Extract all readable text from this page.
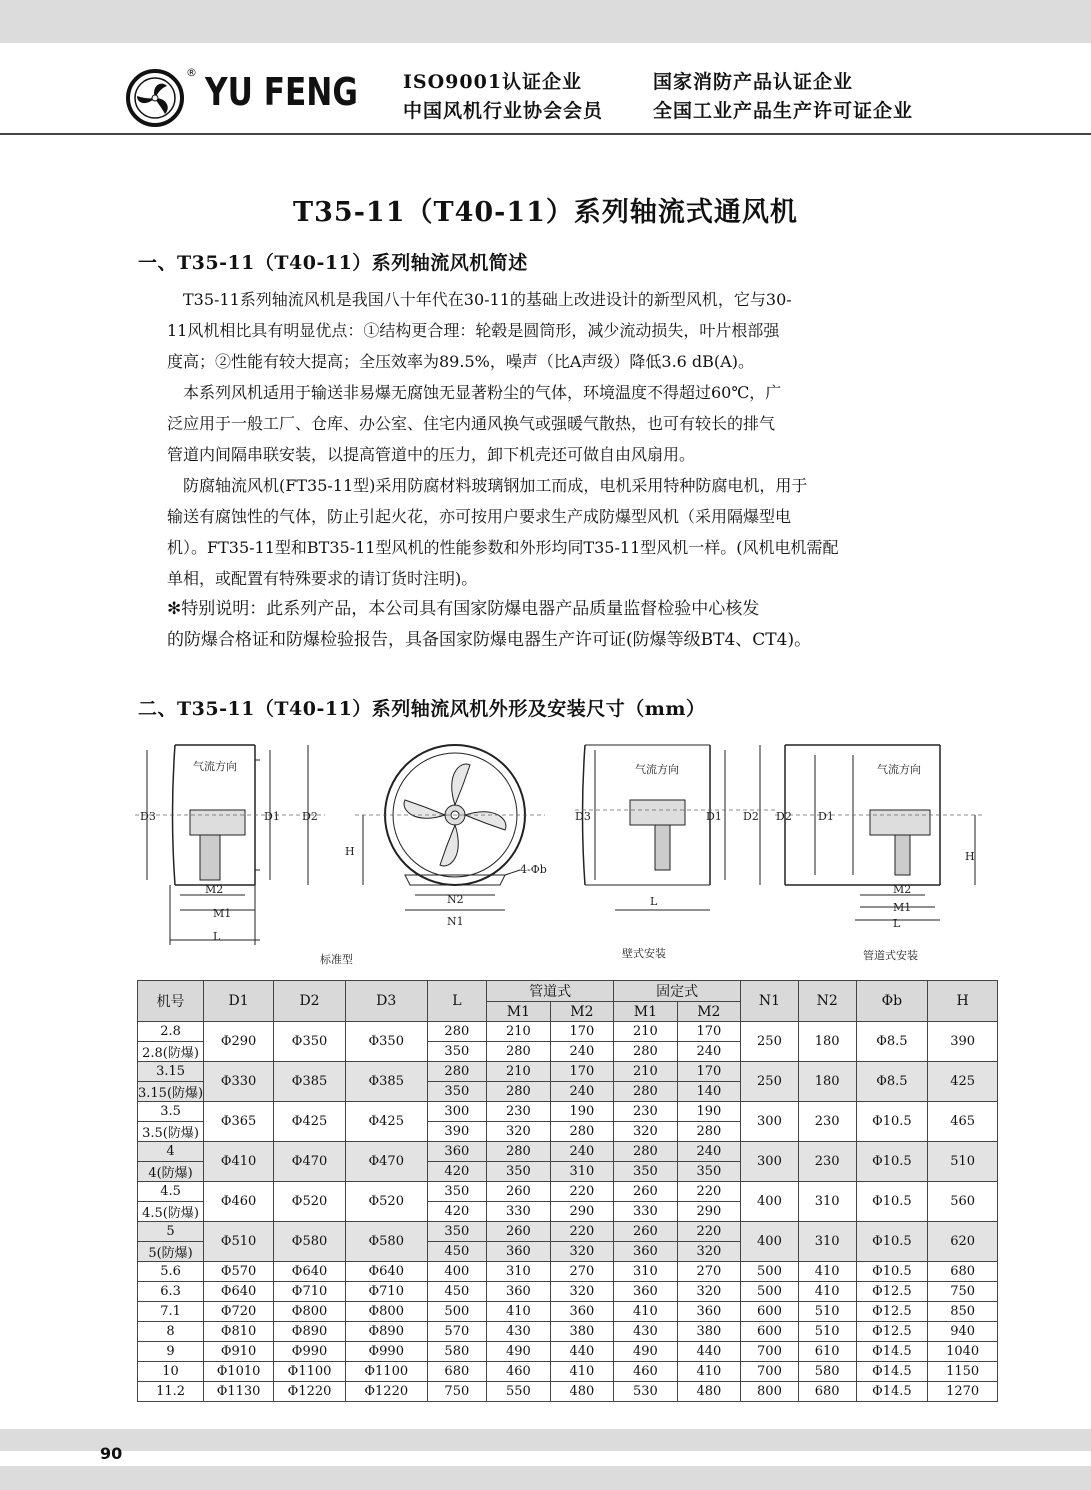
® YU FENG ISO9001认证企业	国家消防产品认证企业
中国风机行业协会会员	全国工业产品生产许可证企业
T35-11（T40-11）系列轴流式通风机
一、T35-11（T40-11）系列轴流风机简述

　T35-11系列轴流风机是我国八十年代在30-11的基础上改进设计的新型风机，它与30-

11风机相比具有明显优点：①结构更合理：轮毂是圆筒形，减少流动损失，叶片根部强

度高；②性能有较大提高；全压效率为89.5%，噪声（比A声级）降低3.6 dB(A)。

　本系列风机适用于输送非易爆无腐蚀无显著粉尘的气体，环境温度不得超过60℃，广

泛应用于一般工厂、仓库、办公室、住宅内通风换气或强暖气散热，也可有较长的排气

管道内间隔串联安装，以提高管道中的压力，卸下机壳还可做自由风扇用。

　防腐轴流风机(FT35-11型)采用防腐材料玻璃钢加工而成，电机采用特种防腐电机，用于

输送有腐蚀性的气体，防止引起火花，亦可按用户要求生产成防爆型风机（采用隔爆型电

机）。FT35-11型和BT35-11型风机的性能参数和外形均同T35-11型风机一样。(风机电机需配

单相，或配置有特殊要求的请订货时注明)。

✻特别说明：此系列产品，本公司具有国家防爆电器产品质量监督检验中心核发

的防爆合格证和防爆检验报告，具备国家防爆电器生产许可证(防爆等级BT4、CT4)。

二、T35-11（T40-11）系列轴流风机外形及安装尺寸（mm）
气流方向	气流方向	气流方向
D3	D1 D2
M2
M1
L
H
4-Φb
N2
N1
D3	D1 D2
L
D2 D1
H
M2
M1
L
标准型	壁式安装	管道式安装
机号	D1	D2	D3	L	管道式		固定式		N1	N2	Φb	H
					M1	M2	M1	M2				
2.8	Φ290	Φ350	Φ350	280	210	170	210	170	250	180	Φ8.5	390
2.8(防爆)				350	280	240	280	240				
3.15	Φ330	Φ385	Φ385	280	210	170	210	170	250	180	Φ8.5	425
3.15(防爆)				350	280	240	280	140				
3.5	Φ365	Φ425	Φ425	300	230	190	230	190	300	230	Φ10.5	465
3.5(防爆)				390	320	280	320	280				
4	Φ410	Φ470	Φ470	360	280	240	280	240	300	230	Φ10.5	510
4(防爆)				420	350	310	350	350				
4.5	Φ460	Φ520	Φ520	350	260	220	260	220	400	310	Φ10.5	560
4.5(防爆)				420	330	290	330	290				
5	Φ510	Φ580	Φ580	350	260	220	260	220	400	310	Φ10.5	620
5(防爆)				450	360	320	360	320				
5.6	Φ570	Φ640	Φ640	400	310	270	310	270	500	410	Φ10.5	680
6.3	Φ640	Φ710	Φ710	450	360	320	360	320	500	410	Φ12.5	750
7.1	Φ720	Φ800	Φ800	500	410	360	410	360	600	510	Φ12.5	850
8	Φ810	Φ890	Φ890	570	430	380	430	380	600	510	Φ12.5	940
9	Φ910	Φ990	Φ990	580	490	440	490	440	700	610	Φ14.5	1040
10	Φ1010	Φ1100	Φ1100	680	460	410	460	410	700	580	Φ14.5	1150
11.2	Φ1130	Φ1220	Φ1220	750	550	480	530	480	800	680	Φ14.5	1270
90
